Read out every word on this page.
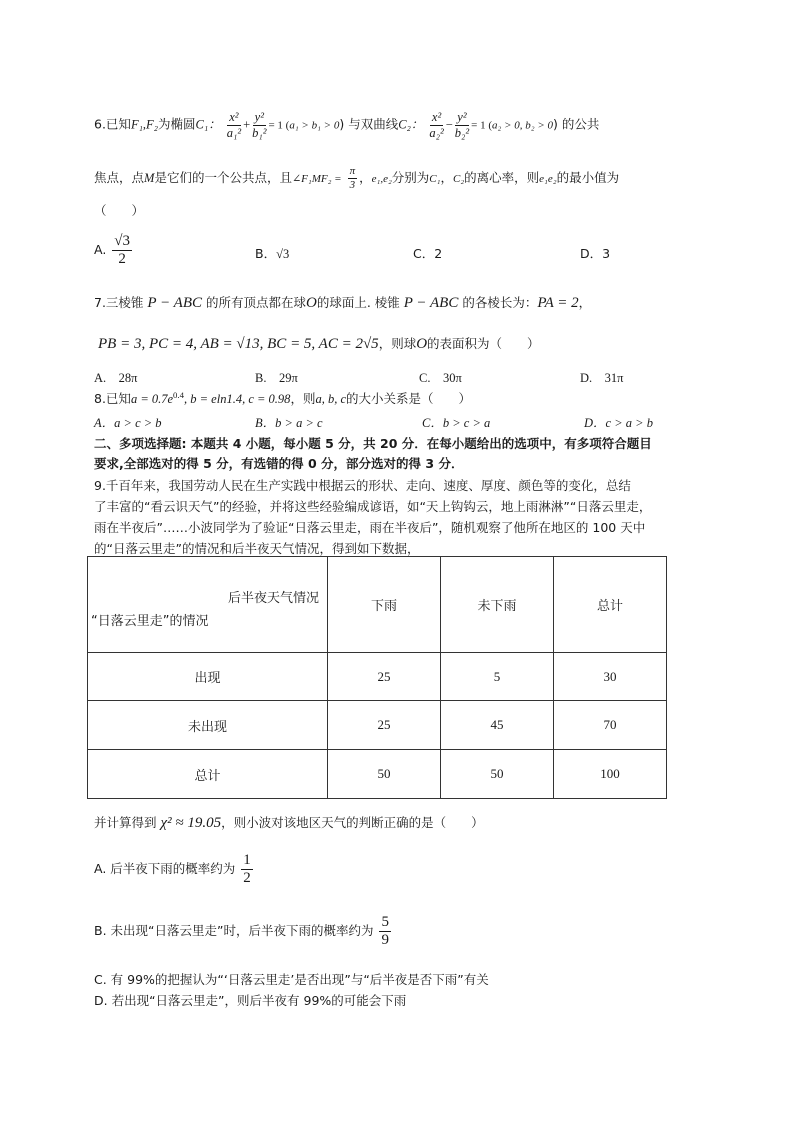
6.已知F₁,F₂为椭圆C₁： $\frac{\text{x²}}{\text{a₁²}} + \frac{\text{y²}}{\text{b₁²}} = 1$ (a₁ > b₁ > 0) 与双曲线C₂： $\frac{\text{x²}}{\text{a₂²}} - \frac{\text{y²}}{\text{b₂²}} = 1$ (a₂ > 0, b₂ > 0) 的公共
焦点，点M是它们的一个公共点，且∠F₁MF₂ = $\frac{\pi}{3}$ ，e₁,e₂分别为C₁，C₂的离心率，则e₁e₂的最小值为
（　　）
A. $\frac{√3}{2}$	B．√3	C．2	D．3
7.三棱锥 P − ABC 的所有顶点都在球O的球面上. 棱锥 P − ABC 的各棱长为：PA = 2，
PB = 3, PC = 4, AB = √13, BC = 5, AC = 2√5，则球O的表面积为（　　）
A.　28π	B.　29π	C.　30π	D.　31π
8.已知$a = 0.7e^{0.4}$, b = eln1.4, c = 0.98，则a, b, c的大小关系是（　　）
A．a > c > b	B．b > a > c	C．b > c > a	D．c > a > b
二、多项选择题: 本题共 4 小题，每小题 5 分，共 20 分．在每小题给出的选项中，有多项符合题目
要求,全部选对的得 5 分，有选错的得 0 分，部分选对的得 3 分．
9.千百年来，我国劳动人民在生产实践中根据云的形状、走向、速度、厚度、颜色等的变化，总结
了丰富的“看云识天气”的经验，并将这些经验编成谚语，如“天上钩钩云，地上雨淋淋”“日落云里走，
雨在半夜后”……小波同学为了验证“日落云里走，雨在半夜后”，随机观察了他所在地区的 100 天中
的“日落云里走”的情况和后半夜天气情况，得到如下数据，
后半夜天气情况
“日落云里走”的情况	下雨	未下雨	总计
出现	25	5	30
未出现	25	45	70
总计	50	50	100
并计算得到 χ² ≈ 19.05，则小波对该地区天气的判断正确的是（　　）
A. 后半夜下雨的概率约为 $\frac{1}{2}$
B. 未出现“日落云里走”时，后半夜下雨的概率约为 $\frac{5}{9}$
C. 有 99%的把握认为“‘日落云里走’是否出现”与“后半夜是否下雨”有关
D. 若出现“日落云里走”，则后半夜有 99%的可能会下雨
